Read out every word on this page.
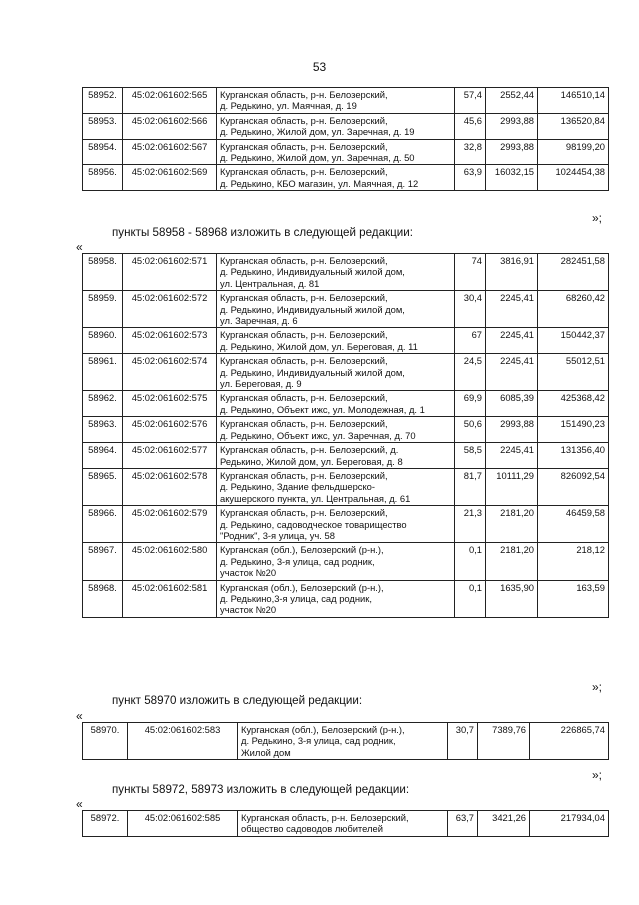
53
58952.	45:02:061602:565	Курганская область, р-н. Белозерский,
д. Редькино, ул. Маячная, д. 19	57,4	2552,44	146510,14
58953.	45:02:061602:566	Курганская область, р-н. Белозерский,
д. Редькино, Жилой дом, ул. Заречная, д. 19	45,6	2993,88	136520,84
58954.	45:02:061602:567	Курганская область, р-н. Белозерский,
д. Редькино, Жилой дом, ул. Заречная, д. 50	32,8	2993,88	98199,20
58956.	45:02:061602:569	Курганская область, р-н. Белозерский,
д. Редькино, КБО магазин, ул. Маячная, д. 12	63,9	16032,15	1024454,38
»;
пункты 58958 - 58968 изложить в следующей редакции:
«
58958.	45:02:061602:571	Курганская область, р-н. Белозерский,
д. Редькино, Индивидуальный жилой дом,
ул. Центральная, д. 81	74	3816,91	282451,58
58959.	45:02:061602:572	Курганская область, р-н. Белозерский,
д. Редькино, Индивидуальный жилой дом,
ул. Заречная, д. 6	30,4	2245,41	68260,42
58960.	45:02:061602:573	Курганская область, р-н. Белозерский,
д. Редькино, Жилой дом, ул. Береговая, д. 11	67	2245,41	150442,37
58961.	45:02:061602:574	Курганская область, р-н. Белозерский,
д. Редькино, Индивидуальный жилой дом,
ул. Береговая, д. 9	24,5	2245,41	55012,51
58962.	45:02:061602:575	Курганская область, р-н. Белозерский,
д. Редькино, Объект ижс, ул. Молодежная, д. 1	69,9	6085,39	425368,42
58963.	45:02:061602:576	Курганская область, р-н. Белозерский,
д. Редькино, Объект ижс, ул. Заречная, д. 70	50,6	2993,88	151490,23
58964.	45:02:061602:577	Курганская область, р-н. Белозерский, д.
Редькино, Жилой дом, ул. Береговая, д. 8	58,5	2245,41	131356,40
58965.	45:02:061602:578	Курганская область, р-н. Белозерский,
д. Редькино, Здание фельдшерско-
акушерского пункта, ул. Центральная, д. 61	81,7	10111,29	826092,54
58966.	45:02:061602:579	Курганская область, р-н. Белозерский,
д. Редькино, садоводческое товарищество
"Родник", 3-я улица, уч. 58	21,3	2181,20	46459,58
58967.	45:02:061602:580	Курганская (обл.), Белозерский (р-н.),
д. Редькино, 3-я улица, сад родник,
участок №20	0,1	2181,20	218,12
58968.	45:02:061602:581	Курганская (обл.), Белозерский (р-н.),
д. Редькино,3-я улица, сад родник,
участок №20	0,1	1635,90	163,59
»;
пункт 58970 изложить в следующей редакции:
«
58970.	45:02:061602:583	Курганская (обл.), Белозерский (р-н.),
д. Редькино, 3-я улица, сад родник,
Жилой дом
	30,7	7389,76	226865,74
»;
пункты 58972, 58973 изложить в следующей редакции:
«
58972.	45:02:061602:585	Курганская область, р-н. Белозерский,
общество садоводов любителей
	63,7	3421,26	217934,04
